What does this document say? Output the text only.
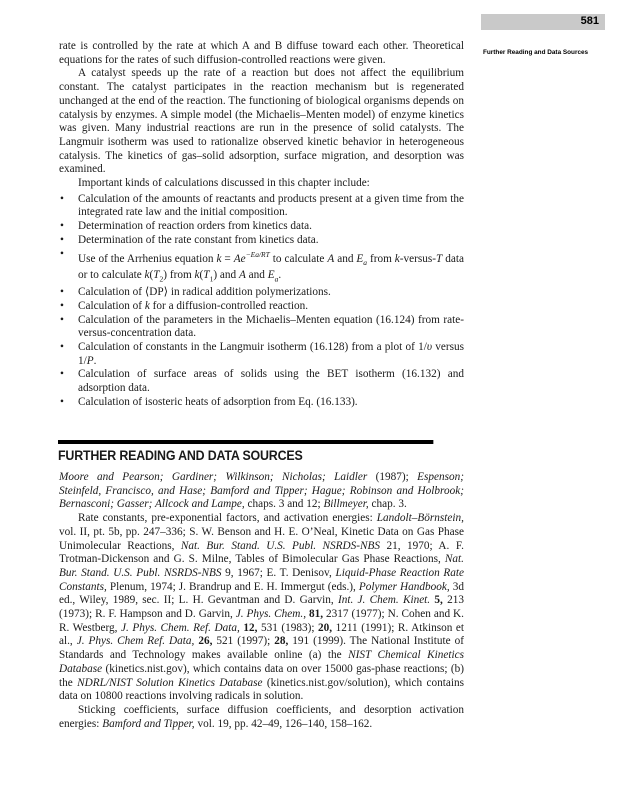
581
Further Reading and Data Sources

rate is controlled by the rate at which A and B diffuse toward each other. Theoretical equations for the rates of such diffusion-controlled reactions were given.

A catalyst speeds up the rate of a reaction but does not affect the equilibrium constant. The catalyst participates in the reaction mechanism but is regenerated unchanged at the end of the reaction. The functioning of biological organisms depends on catalysis by enzymes. A simple model (the Michaelis–Menten model) of enzyme kinetics was given. Many industrial reactions are run in the presence of solid catalysts. The Langmuir isotherm was used to rationalize observed kinetic behavior in heterogeneous catalysis. The kinetics of gas–solid adsorption, surface migration, and desorption was examined.

Important kinds of calculations discussed in this chapter include:

• Calculation of the amounts of reactants and products present at a given time from the integrated rate law and the initial composition.
• Determination of reaction orders from kinetics data.
• Determination of the rate constant from kinetics data.
• Use of the Arrhenius equation $k = Ae^{-Ea/RT}$ to calculate A and $E_a$ from k-versus-T data or to calculate $k(T_2)$ from $k(T_1)$ and A and $E_a$.
• Calculation of ⟨DP⟩ in radical addition polymerizations.
• Calculation of k for a diffusion-controlled reaction.
• Calculation of the parameters in the Michaelis–Menten equation (16.124) from rate-versus-concentration data.
• Calculation of constants in the Langmuir isotherm (16.128) from a plot of 1/υ versus 1/P.
• Calculation of surface areas of solids using the BET isotherm (16.132) and adsorption data.
• Calculation of isosteric heats of adsorption from Eq. (16.133).
FURTHER READING AND DATA SOURCES

Moore and Pearson; Gardiner; Wilkinson; Nicholas; Laidler (1987); Espenson; Steinfeld, Francisco, and Hase; Bamford and Tipper; Hague; Robinson and Holbrook; Bernasconi; Gasser; Allcock and Lampe, chaps. 3 and 12; Billmeyer, chap. 3.

Rate constants, pre-exponential factors, and activation energies: Landolt–Börnstein, vol. II, pt. 5b, pp. 247–336; S. W. Benson and H. E. O’Neal, Kinetic Data on Gas Phase Unimolecular Reactions, Nat. Bur. Stand. U.S. Publ. NSRDS-NBS 21, 1970; A. F. Trotman-Dickenson and G. S. Milne, Tables of Bimolecular Gas Phase Reactions, Nat. Bur. Stand. U.S. Publ. NSRDS-NBS 9, 1967; E. T. Denisov, Liquid-Phase Reaction Rate Constants, Plenum, 1974; J. Brandrup and E. H. Immergut (eds.), Polymer Handbook, 3d ed., Wiley, 1989, sec. II; L. H. Gevantman and D. Garvin, Int. J. Chem. Kinet. 5, 213 (1973); R. F. Hampson and D. Garvin, J. Phys. Chem., 81, 2317 (1977); N. Cohen and K. R. Westberg, J. Phys. Chem. Ref. Data, 12, 531 (1983); 20, 1211 (1991); R. Atkinson et al., J. Phys. Chem Ref. Data, 26, 521 (1997); 28, 191 (1999). The National Institute of Standards and Technology makes available online (a) the NIST Chemical Kinetics Database (kinetics.nist.gov), which contains data on over 15000 gas-phase reactions; (b) the NDRL/NIST Solution Kinetics Database (kinetics.nist.gov/solution), which contains data on 10800 reactions involving radicals in solution.

Sticking coefficients, surface diffusion coefficients, and desorption activation energies: Bamford and Tipper, vol. 19, pp. 42–49, 126–140, 158–162.
